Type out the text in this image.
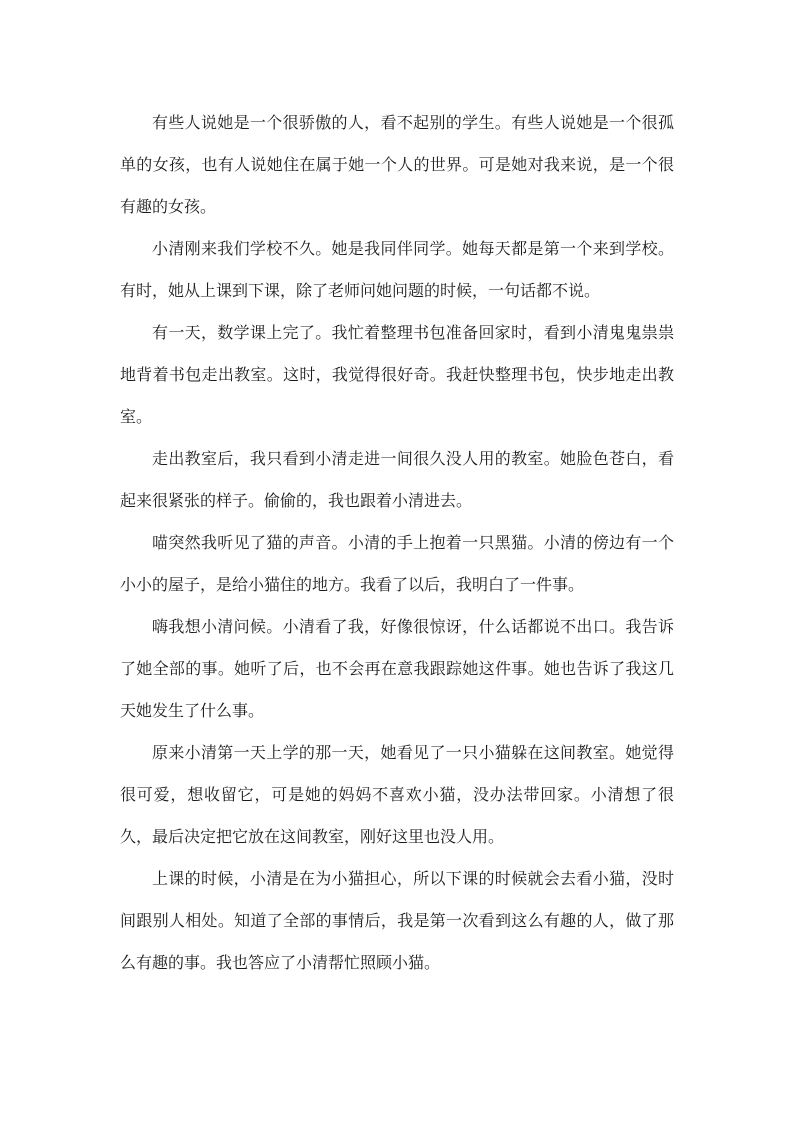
有些人说她是一个很骄傲的人，看不起别的学生。有些人说她是一个很孤单的女孩，也有人说她住在属于她一个人的世界。可是她对我来说，是一个很有趣的女孩。

小清刚来我们学校不久。她是我同伴同学。她每天都是第一个来到学校。有时，她从上课到下课，除了老师问她问题的时候，一句话都不说。

有一天，数学课上完了。我忙着整理书包准备回家时，看到小清鬼鬼祟祟地背着书包走出教室。这时，我觉得很好奇。我赶快整理书包，快步地走出教室。

走出教室后，我只看到小清走进一间很久没人用的教室。她脸色苍白，看起来很紧张的样子。偷偷的，我也跟着小清进去。

喵突然我听见了猫的声音。小清的手上抱着一只黑猫。小清的傍边有一个小小的屋子，是给小猫住的地方。我看了以后，我明白了一件事。

嗨我想小清问候。小清看了我，好像很惊讶，什么话都说不出口。我告诉了她全部的事。她听了后，也不会再在意我跟踪她这件事。她也告诉了我这几天她发生了什么事。

原来小清第一天上学的那一天，她看见了一只小猫躲在这间教室。她觉得很可爱，想收留它，可是她的妈妈不喜欢小猫，没办法带回家。小清想了很久，最后决定把它放在这间教室，刚好这里也没人用。

上课的时候，小清是在为小猫担心，所以下课的时候就会去看小猫，没时间跟别人相处。知道了全部的事情后，我是第一次看到这么有趣的人，做了那么有趣的事。我也答应了小清帮忙照顾小猫。
